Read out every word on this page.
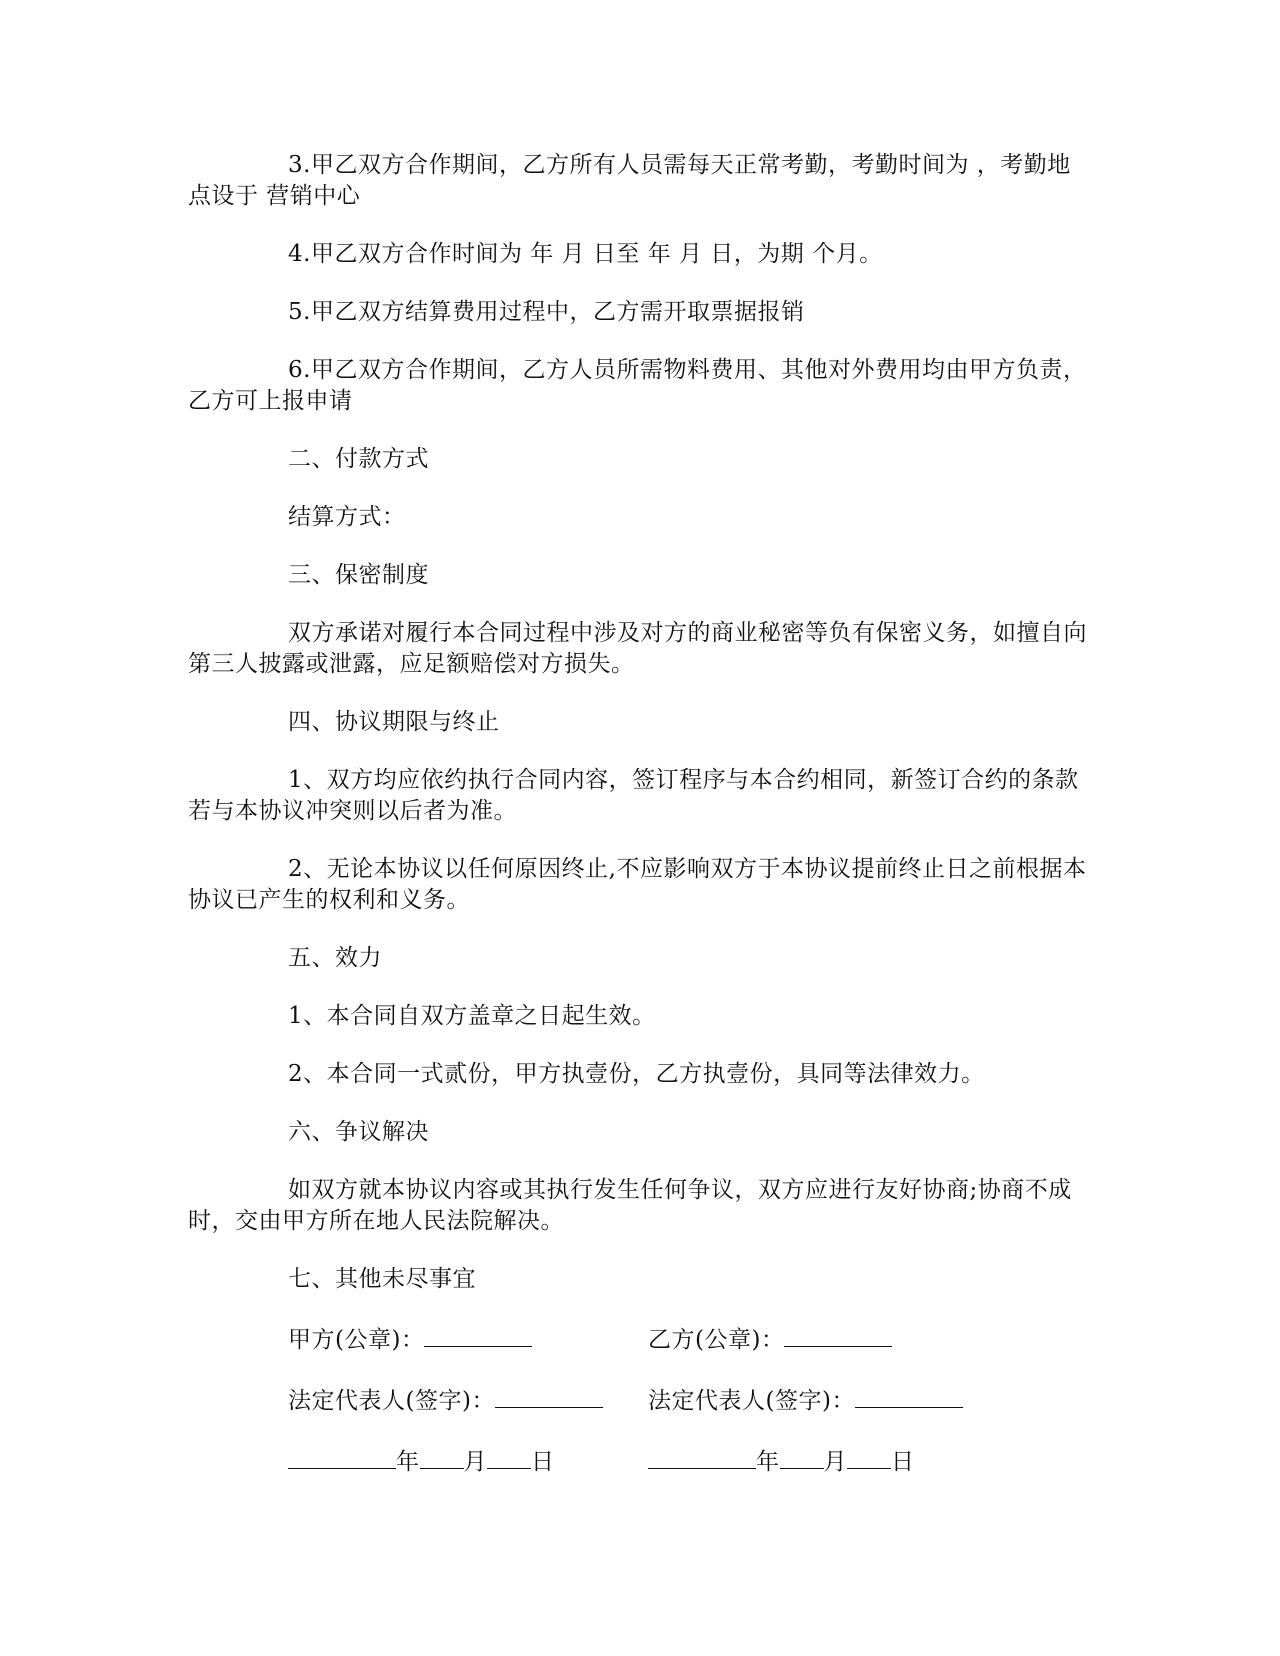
3.甲乙双方合作期间，乙方所有人员需每天正常考勤，考勤时间为 ，考勤地点设于 营销中心

4.甲乙双方合作时间为 年 月 日至 年 月 日，为期 个月。

5.甲乙双方结算费用过程中，乙方需开取票据报销

6.甲乙双方合作期间，乙方人员所需物料费用、其他对外费用均由甲方负责，乙方可上报申请

二、付款方式
结算方式：
三、保密制度

双方承诺对履行本合同过程中涉及对方的商业秘密等负有保密义务，如擅自向第三人披露或泄露，应足额赔偿对方损失。

四、协议期限与终止

1、双方均应依约执行合同内容，签订程序与本合约相同，新签订合约的条款若与本协议冲突则以后者为准。

2、无论本协议以任何原因终止,不应影响双方于本协议提前终止日之前根据本协议已产生的权利和义务。

五、效力
1、本合同自双方盖章之日起生效。
2、本合同一式贰份，甲方执壹份，乙方执壹份，具同等法律效力。
六、争议解决

如双方就本协议内容或其执行发生任何争议，双方应进行友好协商;协商不成时，交由甲方所在地人民法院解决。

七、其他未尽事宜
甲方(公章)：	乙方(公章)：
法定代表人(签字)：	法定代表人(签字)：
年 月 日	年 月 日
